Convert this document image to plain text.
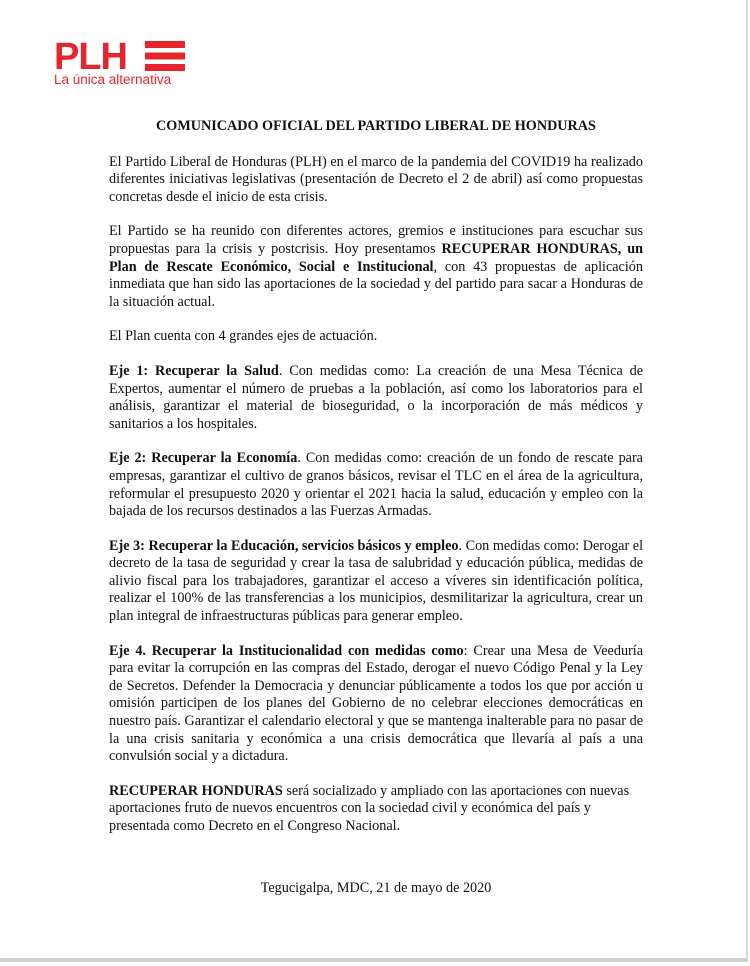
PLH
La única alternativa
COMUNICADO OFICIAL DEL PARTIDO LIBERAL DE HONDURAS

El Partido Liberal de Honduras (PLH) en el marco de la pandemia del COVID19 ha realizado diferentes iniciativas legislativas (presentación de Decreto el 2 de abril) así como propuestas concretas desde el inicio de esta crisis.

El Partido se ha reunido con diferentes actores, gremios e instituciones para escuchar sus propuestas para la crisis y postcrisis. Hoy presentamos RECUPERAR HONDURAS, un Plan de Rescate Económico, Social e Institucional, con 43 propuestas de aplicación inmediata que han sido las aportaciones de la sociedad y del partido para sacar a Honduras de la situación actual.

El Plan cuenta con 4 grandes ejes de actuación.

Eje 1: Recuperar la Salud. Con medidas como: La creación de una Mesa Técnica de Expertos, aumentar el número de pruebas a la población, así como los laboratorios para el análisis, garantizar el material de bioseguridad, o la incorporación de más médicos y sanitarios a los hospitales.

Eje 2: Recuperar la Economía. Con medidas como: creación de un fondo de rescate para empresas, garantizar el cultivo de granos básicos, revisar el TLC en el área de la agricultura, reformular el presupuesto 2020 y orientar el 2021 hacia la salud, educación y empleo con la bajada de los recursos destinados a las Fuerzas Armadas.

Eje 3: Recuperar la Educación, servicios básicos y empleo. Con medidas como: Derogar el decreto de la tasa de seguridad y crear la tasa de salubridad y educación pública, medidas de alivio fiscal para los trabajadores, garantizar el acceso a víveres sin identificación política, realizar el 100% de las transferencias a los municipios, desmilitarizar la agricultura, crear un plan integral de infraestructuras públicas para generar empleo.

Eje 4. Recuperar la Institucionalidad con medidas como: Crear una Mesa de Veeduría para evitar la corrupción en las compras del Estado, derogar el nuevo Código Penal y la Ley de Secretos. Defender la Democracia y denunciar públicamente a todos los que por acción u omisión participen de los planes del Gobierno de no celebrar elecciones democráticas en nuestro país. Garantizar el calendario electoral y que se mantenga inalterable para no pasar de la una crisis sanitaria y económica a una crisis democrática que llevaría al país a una convulsión social y a dictadura.

RECUPERAR HONDURAS será socializado y ampliado con las aportaciones con nuevas aportaciones fruto de nuevos encuentros con la sociedad civil y económica del país y presentada como Decreto en el Congreso Nacional.

Tegucigalpa, MDC, 21 de mayo de 2020
